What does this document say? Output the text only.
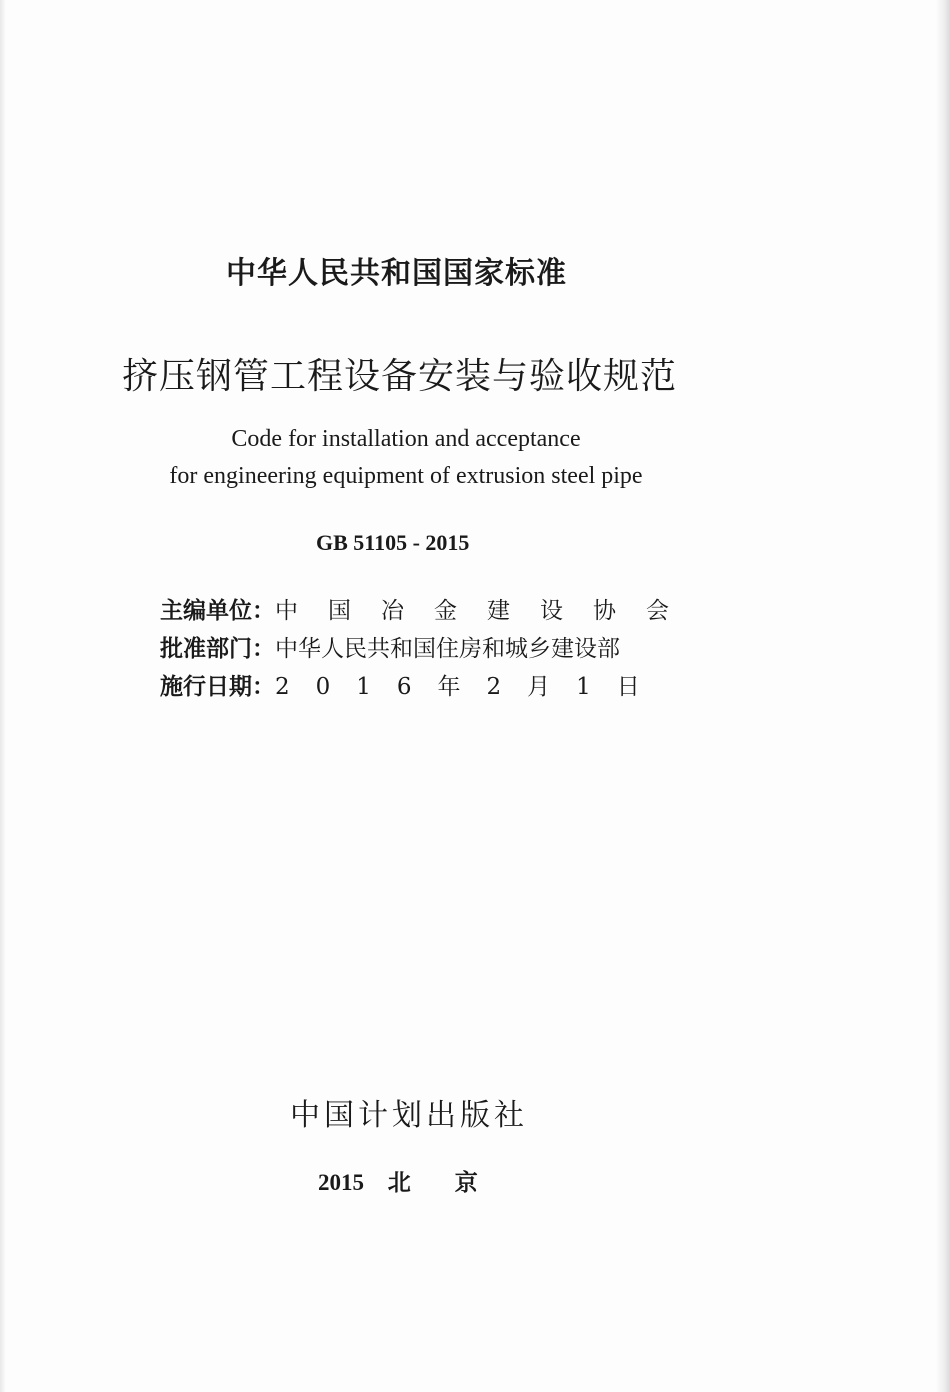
中华人民共和国国家标准
挤压钢管工程设备安装与验收规范
Code for installation and acceptance
for engineering equipment of extrusion steel pipe
GB 51105 - 2015
主编单位： 中国冶金建设协会
批准部门： 中华人民共和国住房和城乡建设部
施行日期： 2016年2月1日
中国计划出版社
2015 北京
